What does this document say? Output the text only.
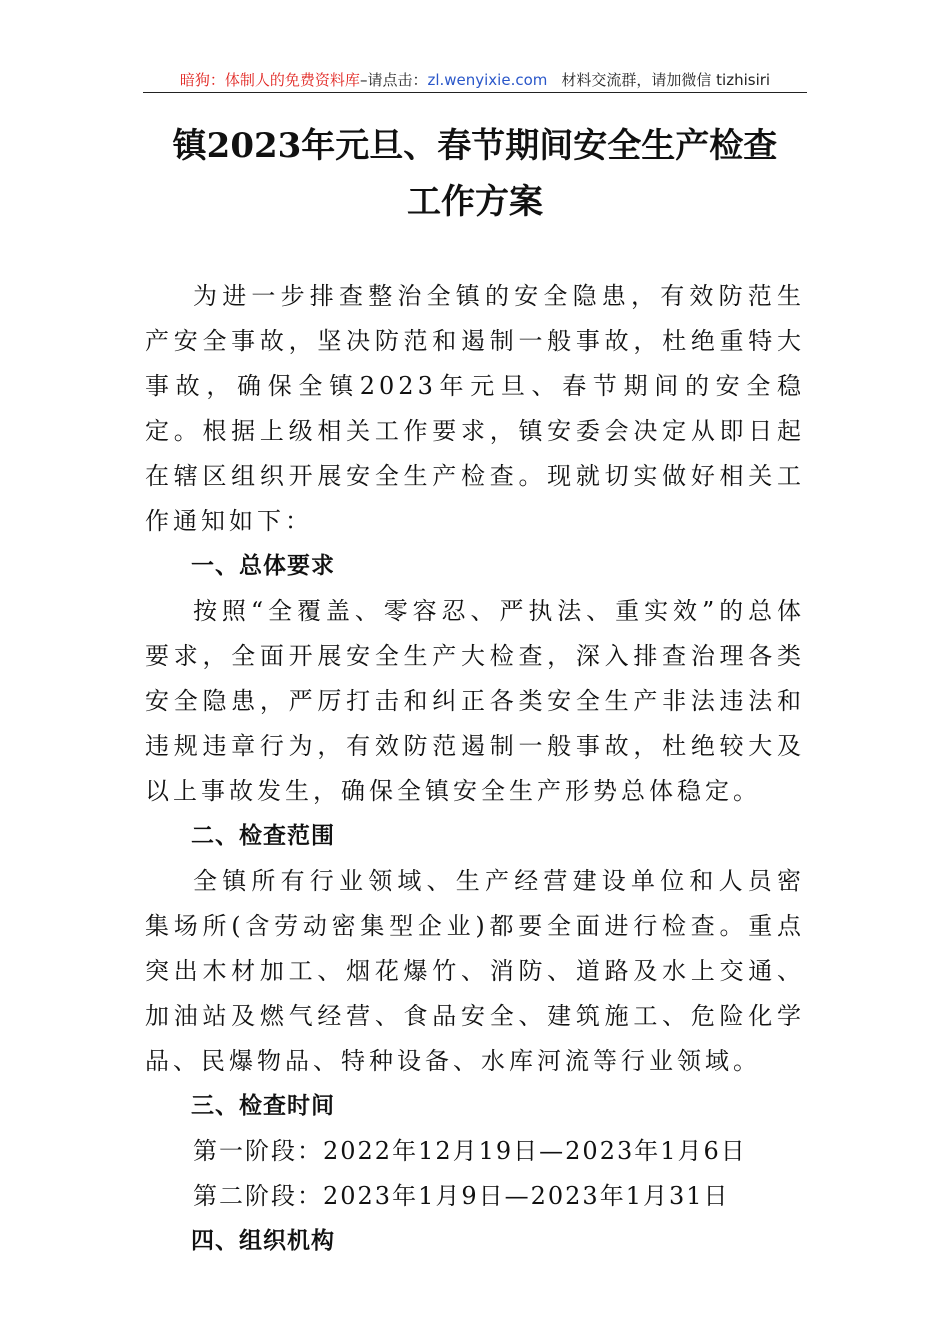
暗狗：体制人的免费资料库–请点击：zl.wenyixie.com 材料交流群，请加微信 tizhisiri
镇2023年元旦、春节期间安全生产检查
工作方案

为进一步排查整治全镇的安全隐患，有效防范生产安全事故，坚决防范和遏制一般事故，杜绝重特大事故，确保全镇2023年元旦、春节期间的安全稳定。根据上级相关工作要求，镇安委会决定从即日起在辖区组织开展安全生产检查。现就切实做好相关工作通知如下：

一、总体要求

按照“全覆盖、零容忍、严执法、重实效”的总体要求，全面开展安全生产大检查，深入排查治理各类安全隐患，严厉打击和纠正各类安全生产非法违法和违规违章行为，有效防范遏制一般事故，杜绝较大及以上事故发生，确保全镇安全生产形势总体稳定。

二、检查范围

全镇所有行业领域、生产经营建设单位和人员密集场所(含劳动密集型企业)都要全面进行检查。重点突出木材加工、烟花爆竹、消防、道路及水上交通、加油站及燃气经营、食品安全、建筑施工、危险化学品、民爆物品、特种设备、水库河流等行业领域。

三、检查时间

第一阶段：2022年12月19日—2023年1月6日

第二阶段：2023年1月9日—2023年1月31日

四、组织机构
